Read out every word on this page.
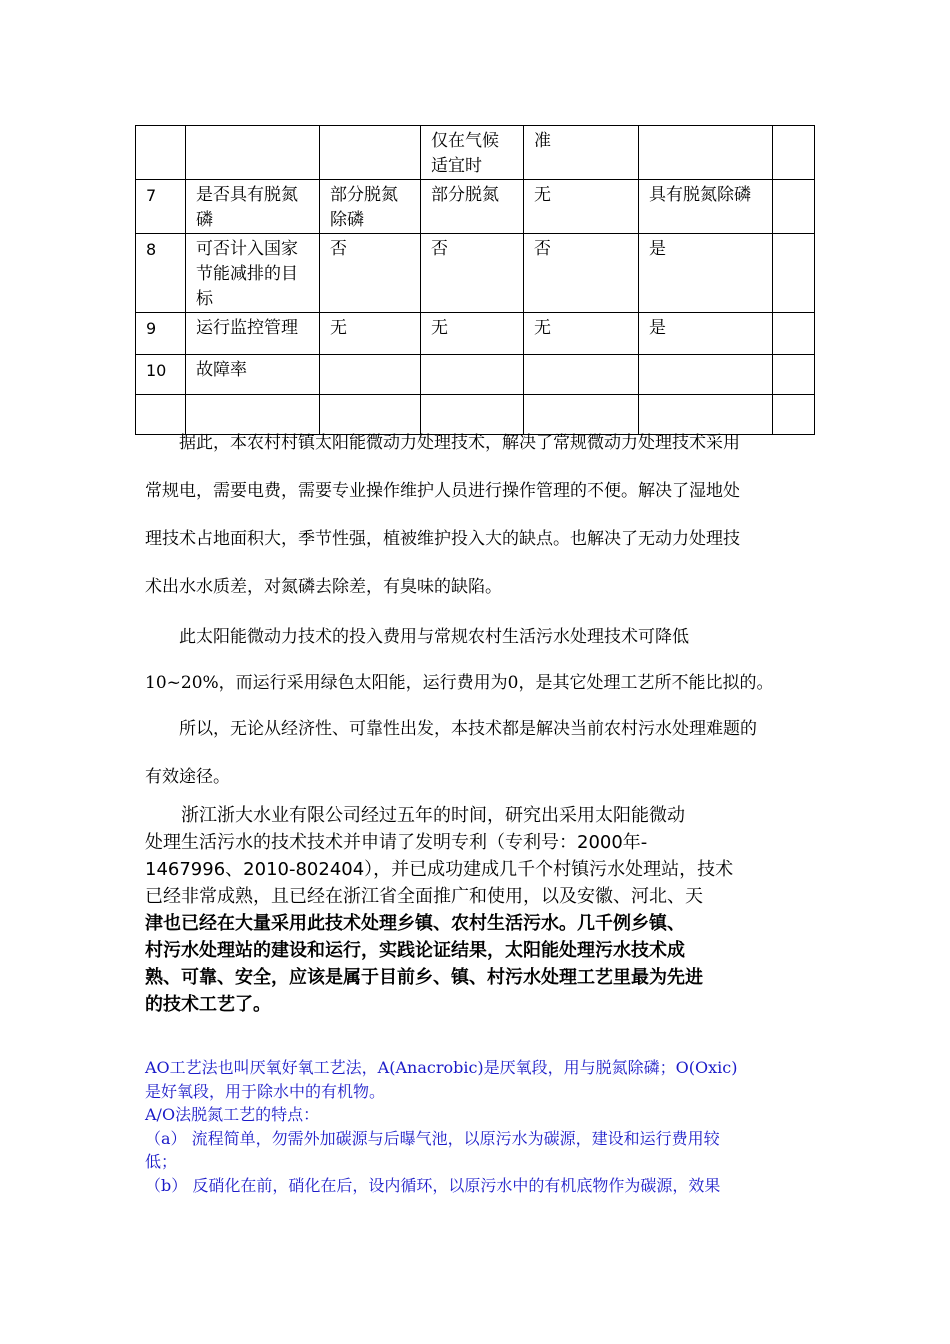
			仅在气候适宜时	准		
7	是否具有脱氮磷	部分脱氮除磷	部分脱氮	无	具有脱氮除磷	
8	可否计入国家节能减排的目标	否	否	否	是	
9	运行监控管理	无	无	无	是	
10	故障率					

据此，本农村村镇太阳能微动力处理技术，解决了常规微动力处理技术采用
常规电，需要电费，需要专业操作维护人员进行操作管理的不便。解决了湿地处
理技术占地面积大，季节性强，植被维护投入大的缺点。也解决了无动力处理技
术出水水质差，对氮磷去除差，有臭味的缺陷。
此太阳能微动力技术的投入费用与常规农村生活污水处理技术可降低
10~20%，而运行采用绿色太阳能，运行费用为0，是其它处理工艺所不能比拟的。
所以，无论从经济性、可靠性出发，本技术都是解决当前农村污水处理难题的
有效途径。
浙江浙大水业有限公司经过五年的时间，研究出采用太阳能微动
处理生活污水的技术技术并申请了发明专利（专利号：2000年-
1467996、2010-802404），并已成功建成几千个村镇污水处理站，技术
已经非常成熟，且已经在浙江省全面推广和使用，以及安徽、河北、天
津也已经在大量采用此技术处理乡镇、农村生活污水。几千例乡镇、
村污水处理站的建设和运行，实践论证结果，太阳能处理污水技术成
熟、可靠、安全，应该是属于目前乡、镇、村污水处理工艺里最为先进
的技术工艺了。
AO工艺法也叫厌氧好氧工艺法，A(Anacrobic)是厌氧段，用与脱氮除磷；O(Oxic)
是好氧段，用于除水中的有机物。
A/O法脱氮工艺的特点：
（a） 流程简单，勿需外加碳源与后曝气池，以原污水为碳源，建设和运行费用较
低；
（b） 反硝化在前，硝化在后，设内循环，以原污水中的有机底物作为碳源，效果
